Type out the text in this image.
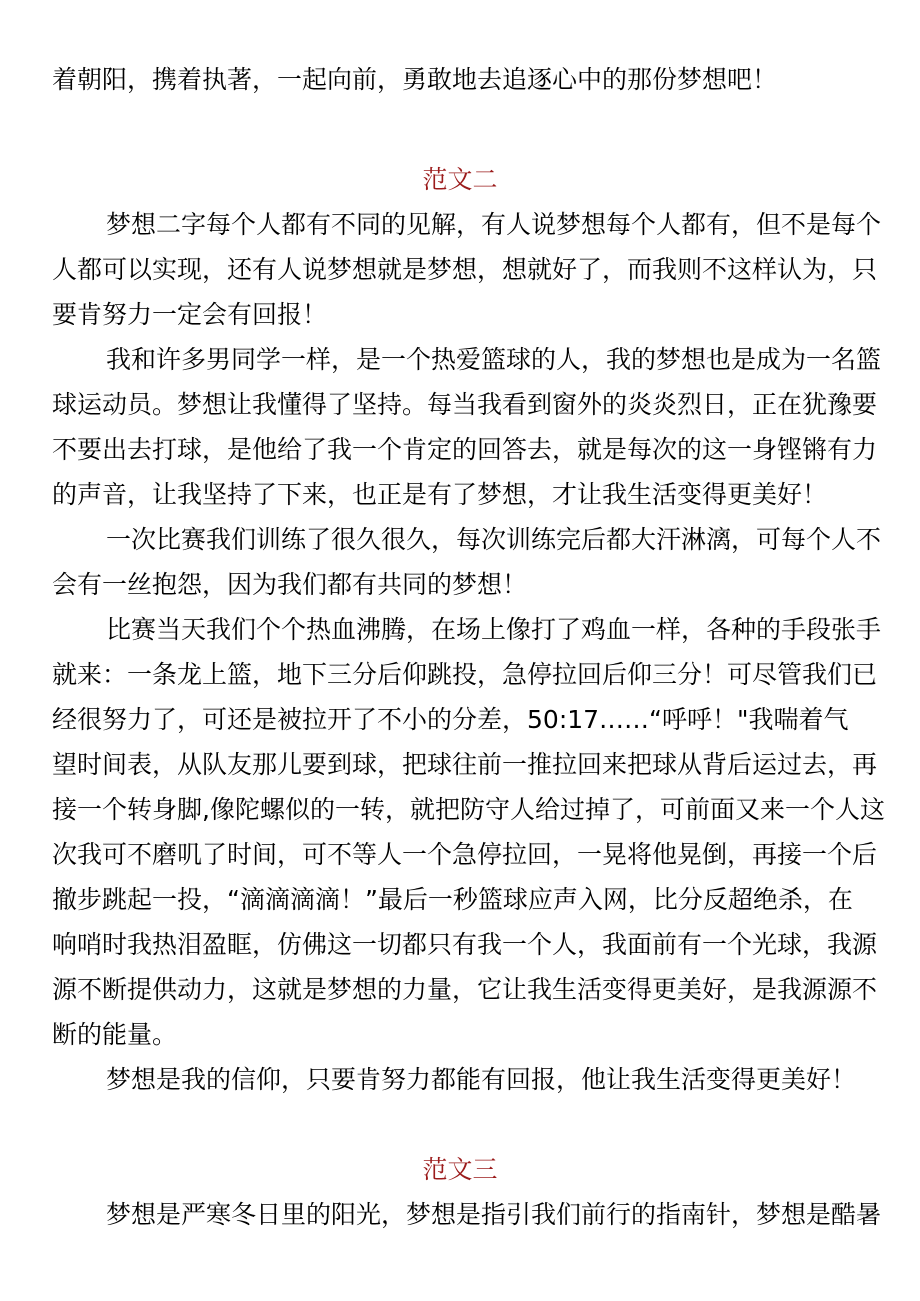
着朝阳，携着执著，一起向前，勇敢地去追逐心中的那份梦想吧！
范文二
梦想二字每个人都有不同的见解，有人说梦想每个人都有，但不是每个
人都可以实现，还有人说梦想就是梦想，想就好了，而我则不这样认为，只
要肯努力一定会有回报！
我和许多男同学一样，是一个热爱篮球的人，我的梦想也是成为一名篮
球运动员。梦想让我懂得了坚持。每当我看到窗外的炎炎烈日，正在犹豫要
不要出去打球，是他给了我一个肯定的回答去，就是每次的这一身铿锵有力
的声音，让我坚持了下来，也正是有了梦想，才让我生活变得更美好！
一次比赛我们训练了很久很久，每次训练完后都大汗淋漓，可每个人不
会有一丝抱怨，因为我们都有共同的梦想！
比赛当天我们个个热血沸腾，在场上像打了鸡血一样，各种的手段张手
就来：一条龙上篮，地下三分后仰跳投，急停拉回后仰三分！可尽管我们已
经很努力了，可还是被拉开了不小的分差，50:17……“呼呼！"我喘着气
望时间表，从队友那儿要到球，把球往前一推拉回来把球从背后运过去，再
接一个转身脚,像陀螺似的一转，就把防守人给过掉了，可前面又来一个人这
次我可不磨叽了时间，可不等人一个急停拉回，一晃将他晃倒，再接一个后
撤步跳起一投，“滴滴滴滴！”最后一秒篮球应声入网，比分反超绝杀，在
响哨时我热泪盈眶，仿佛这一切都只有我一个人，我面前有一个光球，我源
源不断提供动力，这就是梦想的力量，它让我生活变得更美好，是我源源不
断的能量。
梦想是我的信仰，只要肯努力都能有回报，他让我生活变得更美好！
范文三
梦想是严寒冬日里的阳光，梦想是指引我们前行的指南针，梦想是酷暑
